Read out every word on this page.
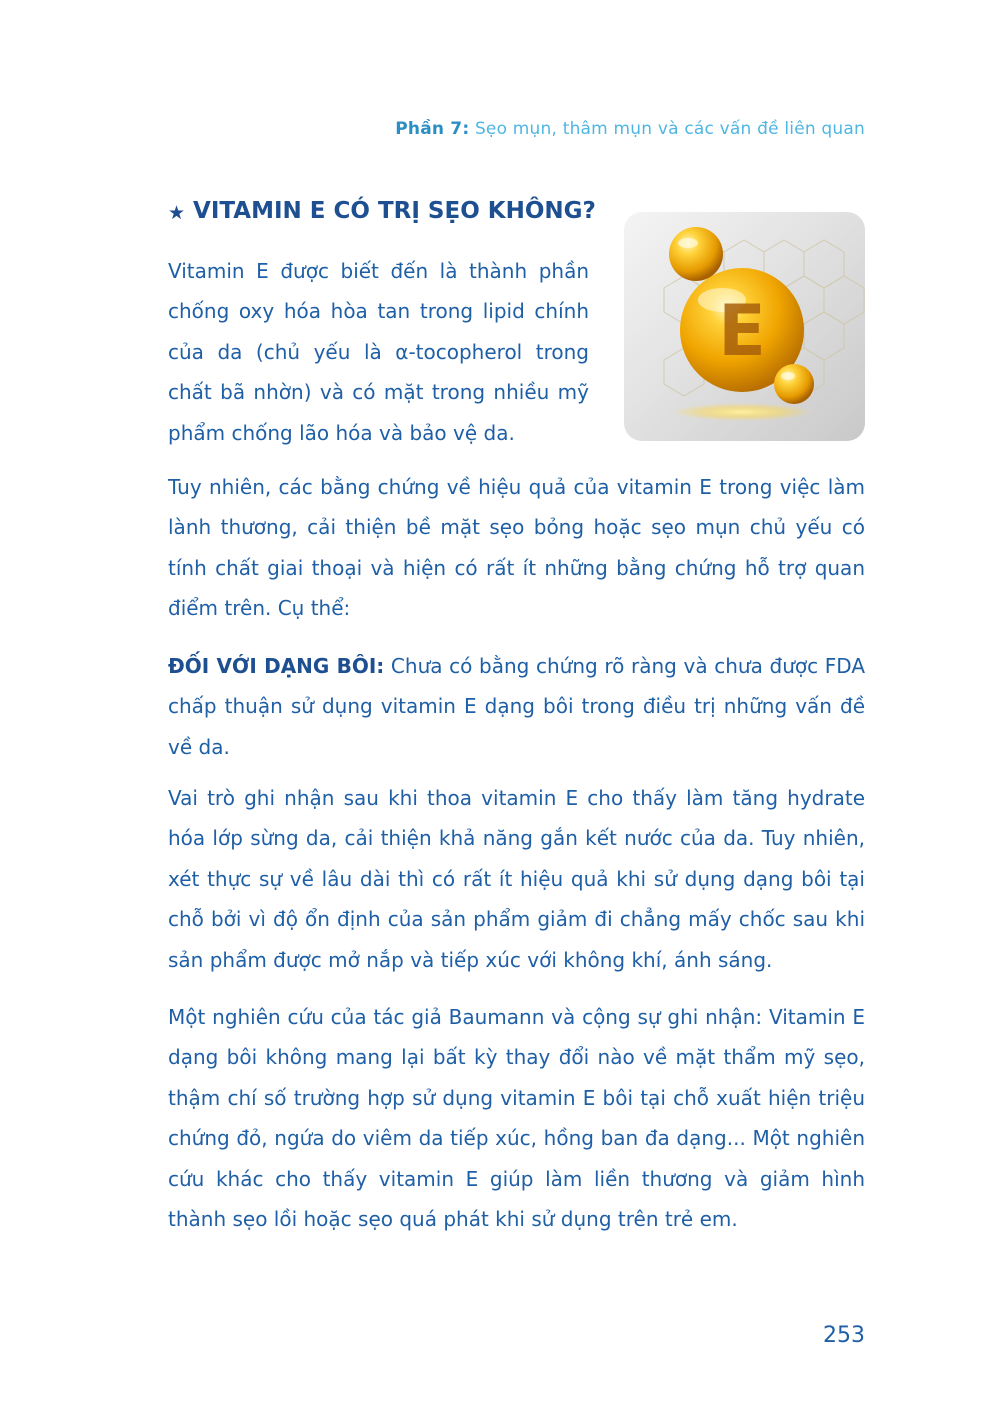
Phần 7: Sẹo mụn, thâm mụn và các vấn đề liên quan
★ VITAMIN E CÓ TRỊ SẸO KHÔNG?
E

Vitamin E được biết đến là thành phần chống oxy hóa hòa tan trong lipid chính của da (chủ yếu là α-tocopherol trong chất bã nhờn) và có mặt trong nhiều mỹ phẩm chống lão hóa và bảo vệ da.

Tuy nhiên, các bằng chứng về hiệu quả của vitamin E trong việc làm lành thương, cải thiện bề mặt sẹo bỏng hoặc sẹo mụn chủ yếu có tính chất giai thoại và hiện có rất ít những bằng chứng hỗ trợ quan điểm trên. Cụ thể:

ĐỐI VỚI DẠNG BÔI: Chưa có bằng chứng rõ ràng và chưa được FDA chấp thuận sử dụng vitamin E dạng bôi trong điều trị những vấn đề về da.

Vai trò ghi nhận sau khi thoa vitamin E cho thấy làm tăng hydrate hóa lớp sừng da, cải thiện khả năng gắn kết nước của da. Tuy nhiên, xét thực sự về lâu dài thì có rất ít hiệu quả khi sử dụng dạng bôi tại chỗ bởi vì độ ổn định của sản phẩm giảm đi chẳng mấy chốc sau khi sản phẩm được mở nắp và tiếp xúc với không khí, ánh sáng.

Một nghiên cứu của tác giả Baumann và cộng sự ghi nhận: Vitamin E dạng bôi không mang lại bất kỳ thay đổi nào về mặt thẩm mỹ sẹo, thậm chí số trường hợp sử dụng vitamin E bôi tại chỗ xuất hiện triệu chứng đỏ, ngứa do viêm da tiếp xúc, hồng ban đa dạng... Một nghiên cứu khác cho thấy vitamin E giúp làm liền thương và giảm hình thành sẹo lồi hoặc sẹo quá phát khi sử dụng trên trẻ em.

253
